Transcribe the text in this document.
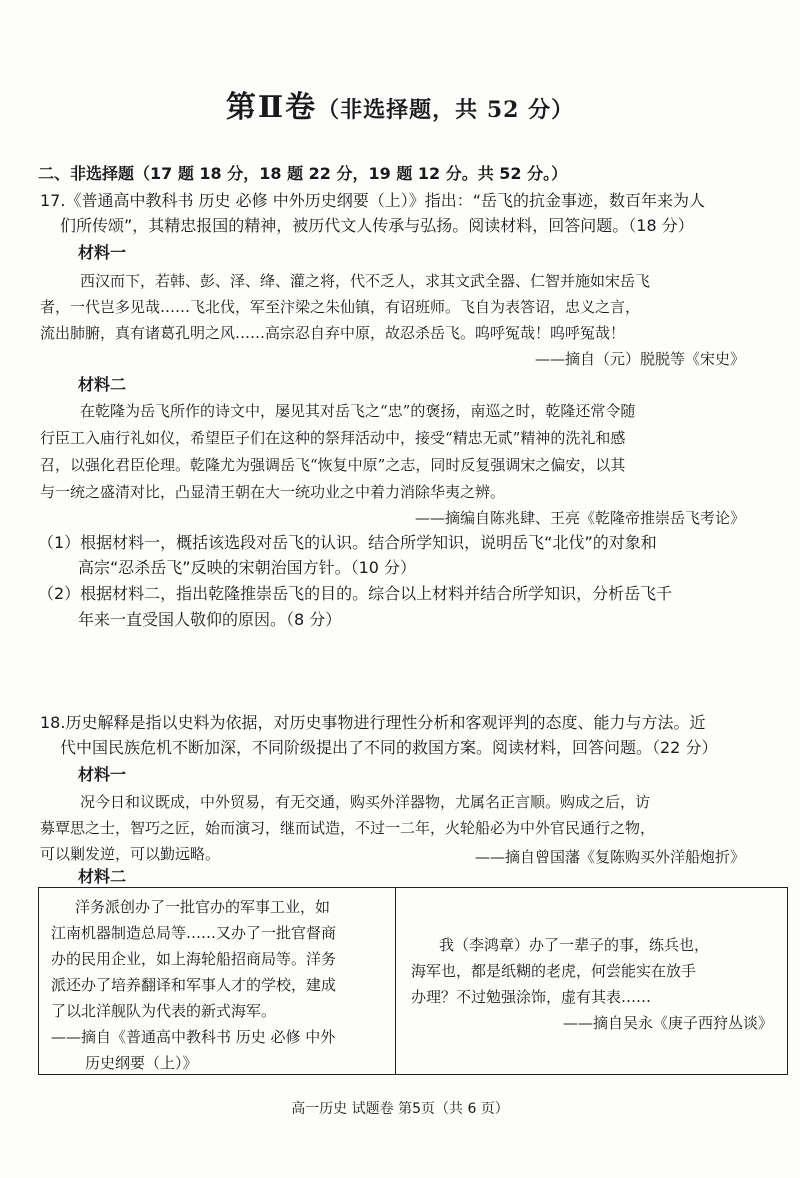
第Ⅱ卷（非选择题，共 52 分）
二、非选择题（17 题 18 分，18 题 22 分，19 题 12 分。共 52 分。）
17.《普通高中教科书 历史 必修 中外历史纲要（上）》指出：“岳飞的抗金事迹，数百年来为人
们所传颂”，其精忠报国的精神，被历代文人传承与弘扬。阅读材料，回答问题。（18 分）
材料一
西汉而下，若韩、彭、泽、绛、灌之将，代不乏人，求其文武全器、仁智并施如宋岳飞
者，一代岂多见哉……飞北伐，军至汴梁之朱仙镇，有诏班师。飞自为表答诏，忠义之言，
流出肺腑，真有诸葛孔明之风……高宗忍自弃中原，故忍杀岳飞。呜呼冤哉！呜呼冤哉！
——摘自（元）脱脱等《宋史》
材料二
在乾隆为岳飞所作的诗文中，屡见其对岳飞之“忠”的褒扬，南巡之时，乾隆还常令随
行臣工入庙行礼如仪，希望臣子们在这种的祭拜活动中，接受“精忠无贰”精神的洗礼和感
召，以强化君臣伦理。乾隆尤为强调岳飞“恢复中原”之志，同时反复强调宋之偏安，以其
与一统之盛清对比，凸显清王朝在大一统功业之中着力消除华夷之辨。
——摘编自陈兆肆、王亮《乾隆帝推崇岳飞考论》
（1）根据材料一，概括该选段对岳飞的认识。结合所学知识，说明岳飞“北伐”的对象和
高宗“忍杀岳飞”反映的宋朝治国方针。（10 分）
（2）根据材料二，指出乾隆推崇岳飞的目的。综合以上材料并结合所学知识，分析岳飞千
年来一直受国人敬仰的原因。（8 分）
18.历史解释是指以史料为依据，对历史事物进行理性分析和客观评判的态度、能力与方法。近
代中国民族危机不断加深，不同阶级提出了不同的救国方案。阅读材料，回答问题。（22 分）
材料一
况今日和议既成，中外贸易，有无交通，购买外洋器物，尤属名正言顺。购成之后，访
募覃思之士，智巧之匠，始而演习，继而试造，不过一二年，火轮船必为中外官民通行之物，
可以剿发逆，可以勤远略。	——摘自曾国藩《复陈购买外洋船炮折》
材料二
洋务派创办了一批官办的军事工业，如
江南机器制造总局等……又办了一批官督商
办的民用企业，如上海轮船招商局等。洋务
派还办了培养翻译和军事人才的学校，建成
了以北洋舰队为代表的新式海军。
——摘自《普通高中教科书 历史 必修 中外
历史纲要（上）》
我（李鸿章）办了一辈子的事，练兵也，
海军也，都是纸糊的老虎，何尝能实在放手
办理？不过勉强涂饰，虚有其表……
——摘自吴永《庚子西狩丛谈》
高一历史 试题卷 第5页（共 6 页）
